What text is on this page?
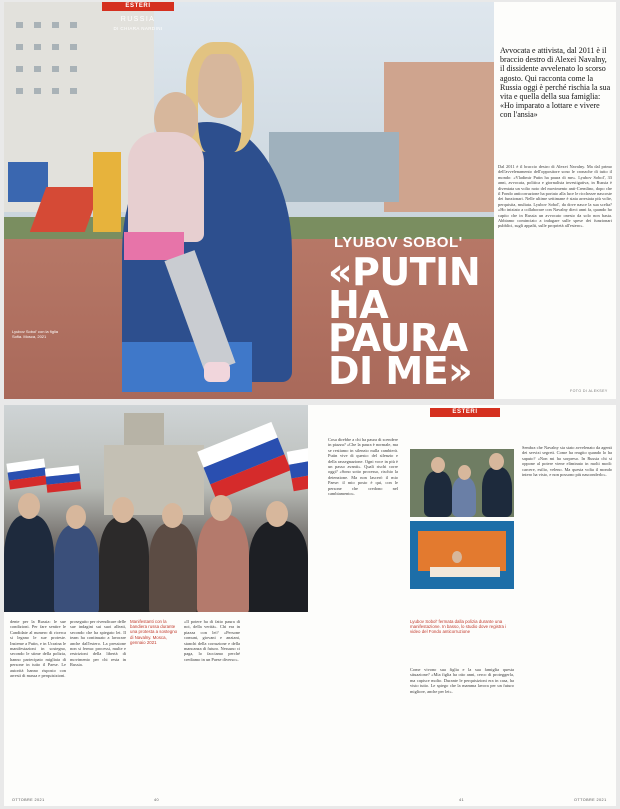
Lyubov Sobol' con la figlia Sofia. Mosca, 2021
LYUBOV SOBOL'
«PUTIN
HA PAURA
DI ME»
ESTERI
RUSSIA
DI CHIARA NARDINI
Avvocata e attivista, dal 2011 è il braccio destro di Alexei Navalny, il dissidente avvelenato lo scorso agosto. Qui racconta come la Russia oggi è perché rischia la sua vita e quella della sua famiglia: «Ho imparato a lottare e vivere con l'ansia»
Dal 2011 è il braccio destro di Alexei Navalny. Ma dal primo dell'avvelenamento dell'oppositore sono le cronache di tutto il mondo: «Vladimir Putin ha paura di me». Lyubov Sobol', 33 anni, avvocata, politica e giornalista investigativa, in Russia è diventata un volto noto del movimento anti-Cremlino, dopo che il Fondo anticorruzione ha portato alla luce le ricchezze nascoste dei funzionari. Nelle ultime settimane è stata arrestata più volte, perquisita, multata. Lyubov Sobol', da dove nasce la sua scelta? «Ho iniziato a collaborare con Navalny dieci anni fa, quando ho capito che in Russia un avvocato onesto da solo non basta. Abbiamo cominciato a indagare sulle spese dei funzionari pubblici, sugli appalti, sulle proprietà all'estero».
FOTO DI ALEKSEY
dente per la Russia: le sue condizioni. Per fare sentire le Candidate al numero di ricerca si legano le sue proteste. Insieme a Putin, e in Ucraina le manifestazioni in sostegno, secondo le stime della polizia, hanno partecipato migliaia di persone in tutto il Paese. Le autorità hanno risposto con arresti di massa e perquisizioni.
proseguito per rivendicare delle sue indagini sui suoi alleati, secondo che ha spiegato lei. Il team ha continuato a lavorare anche dall'estero. La pressione non si ferma: processi, multe e restrizioni della libertà di movimento per chi resta in Russia.
«Il potere ha di fatto paura di noi, della verità». Chi era in piazza con lei? «Persone comuni, giovani e anziani, stanchi della corruzione e della mancanza di futuro. Nessuno ci paga, lo facciamo perché crediamo in un Paese diverso».
Manifestanti con la bandiera russa durante una protesta a sostegno di Navalny. Mosca, gennaio 2021
ESTERI
Cosa direbbe a chi ha paura di scendere in piazza? «Che la paura è normale, ma se restiamo in silenzio nulla cambierà. Putin vive di questo: del silenzio e della rassegnazione. Ogni voce in più è un passo avanti». Quali rischi corre oggi? «Sono sotto processo, rischio la detenzione. Ma non lascerò il mio Paese: il mio posto è qui, con le persone che credono nel cambiamento».
Lyubov Sobol' fermata dalla polizia durante una manifestazione. In basso, lo studio dove registra i video del Fondo anticorruzione
Come vivono sua figlia e la sua famiglia questa situazione? «Mia figlia ha otto anni, cerco di proteggerla, ma capisce molto. Durante le perquisizioni era in casa, ha visto tutto. Le spiego che la mamma lavora per un futuro migliore, anche per lei».
Sembra che Navalny sia stato avvelenato da agenti dei servizi segreti. Come ha reagito quando lo ha saputo? «Non mi ha sorpreso. In Russia chi si oppone al potere viene eliminato in molti modi: carcere, esilio, veleno. Ma questa volta il mondo intero ha visto, e non possono più nasconderlo».
OTTOBRE 2021	40	41	OTTOBRE 2021
